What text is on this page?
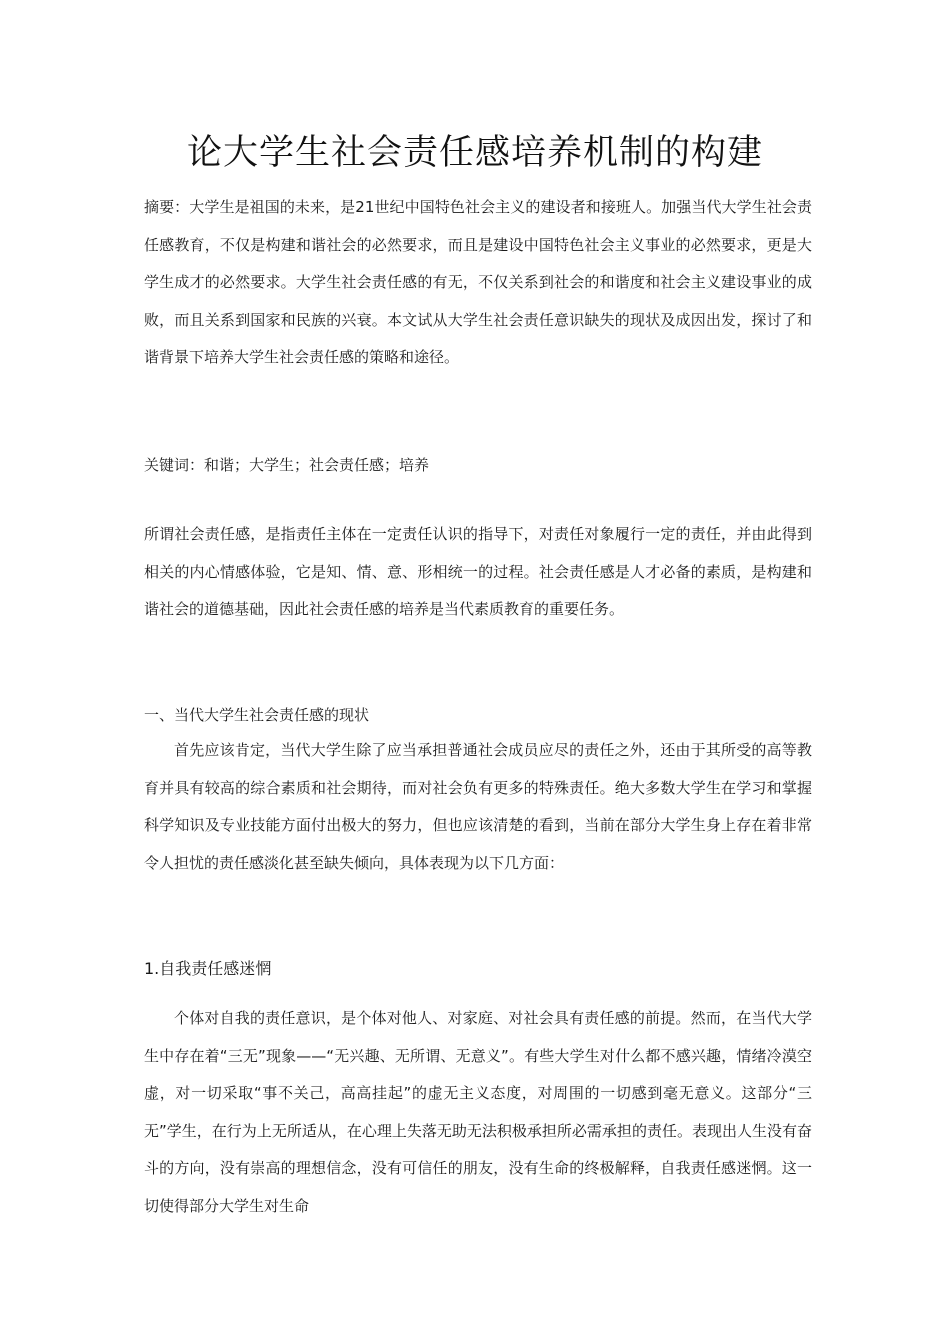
论大学生社会责任感培养机制的构建

摘要：大学生是祖国的未来，是21世纪中国特色社会主义的建设者和接班人。加强当代大学生社会责任感教育，不仅是构建和谐社会的必然要求，而且是建设中国特色社会主义事业的必然要求，更是大学生成才的必然要求。大学生社会责任感的有无，不仅关系到社会的和谐度和社会主义建设事业的成败，而且关系到国家和民族的兴衰。本文试从大学生社会责任意识缺失的现状及成因出发，探讨了和谐背景下培养大学生社会责任感的策略和途径。

关键词：和谐；大学生；社会责任感；培养

所谓社会责任感，是指责任主体在一定责任认识的指导下，对责任对象履行一定的责任，并由此得到相关的内心情感体验，它是知、情、意、形相统一的过程。社会责任感是人才必备的素质，是构建和谐社会的道德基础，因此社会责任感的培养是当代素质教育的重要任务。

一、当代大学生社会责任感的现状

首先应该肯定，当代大学生除了应当承担普通社会成员应尽的责任之外，还由于其所受的高等教育并具有较高的综合素质和社会期待，而对社会负有更多的特殊责任。绝大多数大学生在学习和掌握科学知识及专业技能方面付出极大的努力，但也应该清楚的看到，当前在部分大学生身上存在着非常令人担忧的责任感淡化甚至缺失倾向，具体表现为以下几方面：

1.自我责任感迷惘

个体对自我的责任意识，是个体对他人、对家庭、对社会具有责任感的前提。然而，在当代大学生中存在着“三无”现象——“无兴趣、无所谓、无意义”。有些大学生对什么都不感兴趣，情绪冷漠空虚，对一切采取“事不关己，高高挂起”的虚无主义态度，对周围的一切感到毫无意义。这部分“三无”学生，在行为上无所适从，在心理上失落无助无法积极承担所必需承担的责任。表现出人生没有奋斗的方向，没有崇高的理想信念，没有可信任的朋友，没有生命的终极解释，自我责任感迷惘。这一切使得部分大学生对生命
